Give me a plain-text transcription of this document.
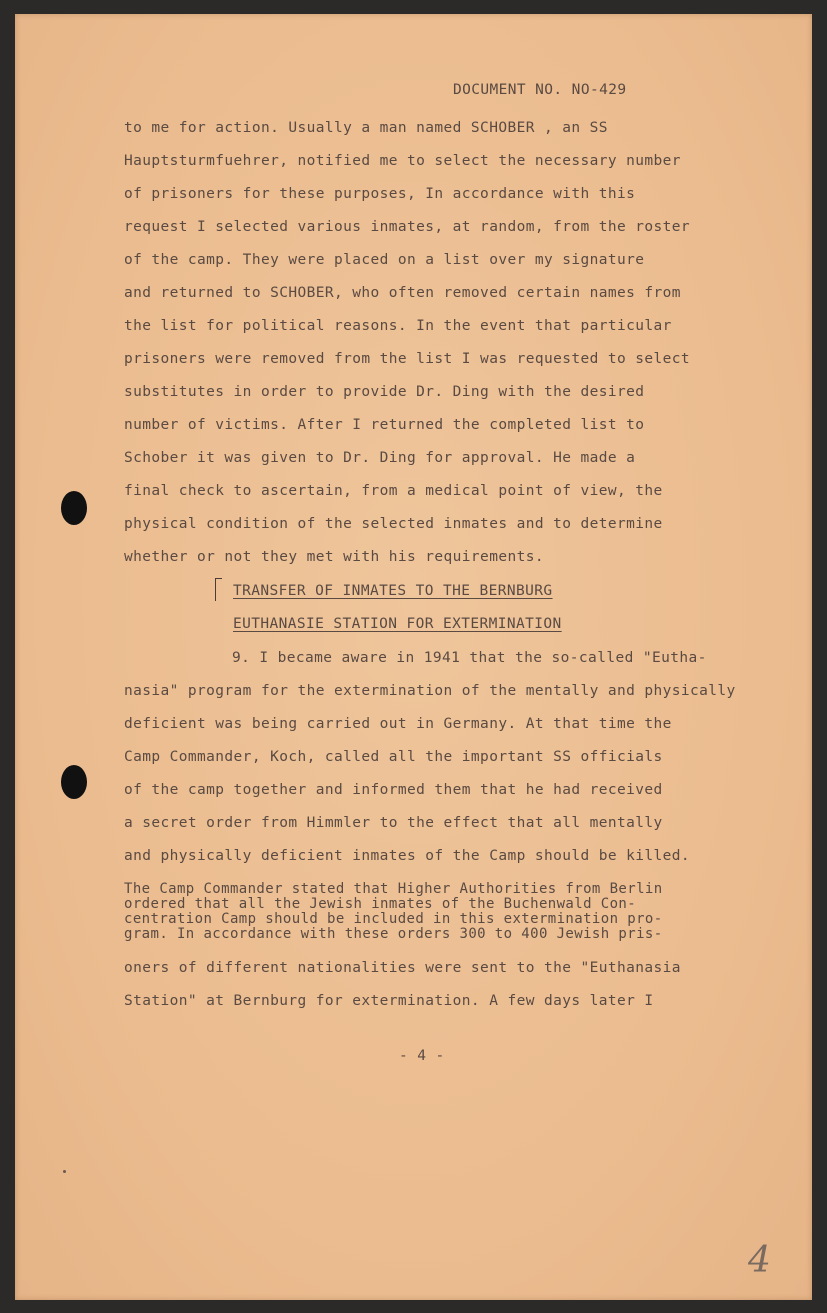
DOCUMENT NO. NO-429
to me for action. Usually a man named SCHOBER , an SS
Hauptsturmfuehrer, notified me to select the necessary number
of prisoners for these purposes, In accordance with this
request I selected various inmates, at random, from the roster
of the camp. They were placed on a list over my signature
and returned to SCHOBER, who often removed certain names from
the list for political reasons. In the event that particular
prisoners were removed from the list I was requested to select
substitutes in order to provide Dr. Ding with the desired
number of victims. After I returned the completed list to
Schober it was given to Dr. Ding for approval. He made a
final check to ascertain, from a medical point of view, the
physical condition of the selected inmates and to determine
whether or not they met with his requirements.
TRANSFER OF INMATES TO THE BERNBURG
EUTHANASIE STATION FOR EXTERMINATION
9. I became aware in 1941 that the so-called "Eutha-
nasia" program for the extermination of the mentally and physically
deficient was being carried out in Germany. At that time the
Camp Commander, Koch, called all the important SS officials
of the camp together and informed them that he had received
a secret order from Himmler to the effect that all mentally
and physically deficient inmates of the Camp should be killed.
The Camp Commander stated that Higher Authorities from Berlin
ordered that all the Jewish inmates of the Buchenwald Con-
centration Camp should be included in this extermination pro-
gram. In accordance with these orders 300 to 400 Jewish pris-
oners of different nationalities were sent to the "Euthanasia
Station" at Bernburg for extermination. A few days later I
- 4 -
4
